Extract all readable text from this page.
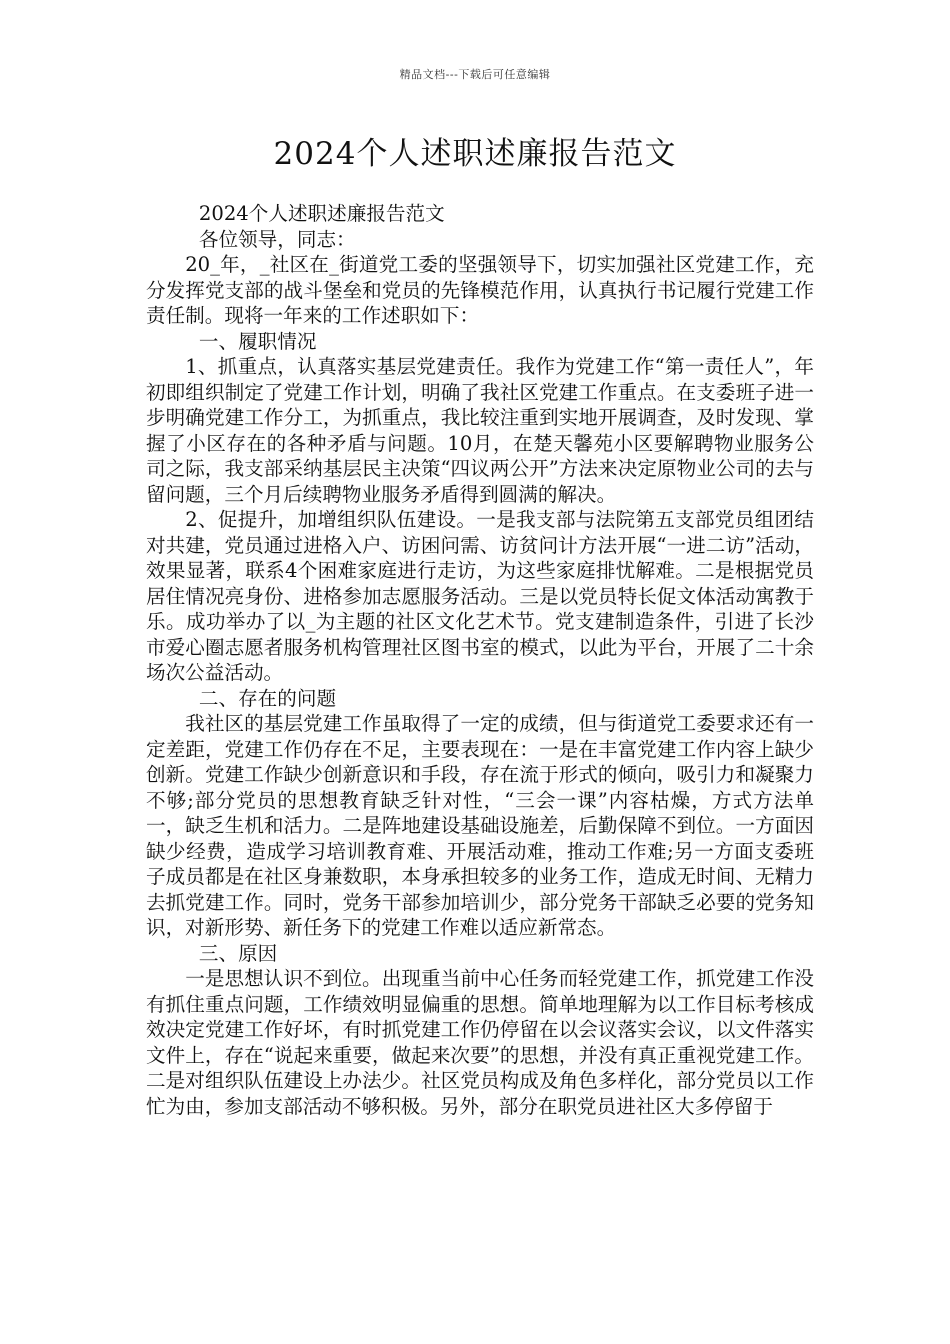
精品文档---下载后可任意编辑
2024个人述职述廉报告范文

2024个人述职述廉报告范文

各位领导，同志：

20_年，_社区在_街道党工委的坚强领导下，切实加强社区党建工作，充分发挥党支部的战斗堡垒和党员的先锋模范作用，认真执行书记履行党建工作责任制。现将一年来的工作述职如下：

一、履职情况

1、抓重点，认真落实基层党建责任。我作为党建工作“第一责任人”，年初即组织制定了党建工作计划，明确了我社区党建工作重点。在支委班子进一步明确党建工作分工，为抓重点，我比较注重到实地开展调查，及时发现、掌握了小区存在的各种矛盾与问题。10月，在楚天馨苑小区要解聘物业服务公司之际，我支部采纳基层民主决策“四议两公开”方法来决定原物业公司的去与留问题，三个月后续聘物业服务矛盾得到圆满的解决。

2、促提升，加增组织队伍建设。一是我支部与法院第五支部党员组团结对共建，党员通过进格入户、访困问需、访贫问计方法开展“一进二访”活动，效果显著，联系4个困难家庭进行走访，为这些家庭排忧解难。二是根据党员居住情况亮身份、进格参加志愿服务活动。三是以党员特长促文体活动寓教于乐。成功举办了以_为主题的社区文化艺术节。党支建制造条件，引进了长沙市爱心圈志愿者服务机构管理社区图书室的模式，以此为平台，开展了二十余场次公益活动。

二、存在的问题

我社区的基层党建工作虽取得了一定的成绩，但与街道党工委要求还有一定差距，党建工作仍存在不足，主要表现在：一是在丰富党建工作内容上缺少创新。党建工作缺少创新意识和手段，存在流于形式的倾向，吸引力和凝聚力不够;部分党员的思想教育缺乏针对性，“三会一课”内容枯燥，方式方法单一，缺乏生机和活力。二是阵地建设基础设施差，后勤保障不到位。一方面因缺少经费，造成学习培训教育难、开展活动难，推动工作难;另一方面支委班子成员都是在社区身兼数职，本身承担较多的业务工作，造成无时间、无精力去抓党建工作。同时，党务干部参加培训少，部分党务干部缺乏必要的党务知识，对新形势、新任务下的党建工作难以适应新常态。

三、原因

一是思想认识不到位。出现重当前中心任务而轻党建工作，抓党建工作没有抓住重点问题，工作绩效明显偏重的思想。简单地理解为以工作目标考核成效决定党建工作好坏，有时抓党建工作仍停留在以会议落实会议，以文件落实文件上，存在“说起来重要，做起来次要”的思想，并没有真正重视党建工作。二是对组织队伍建设上办法少。社区党员构成及角色多样化，部分党员以工作忙为由，参加支部活动不够积极。另外，部分在职党员进社区大多停留于
